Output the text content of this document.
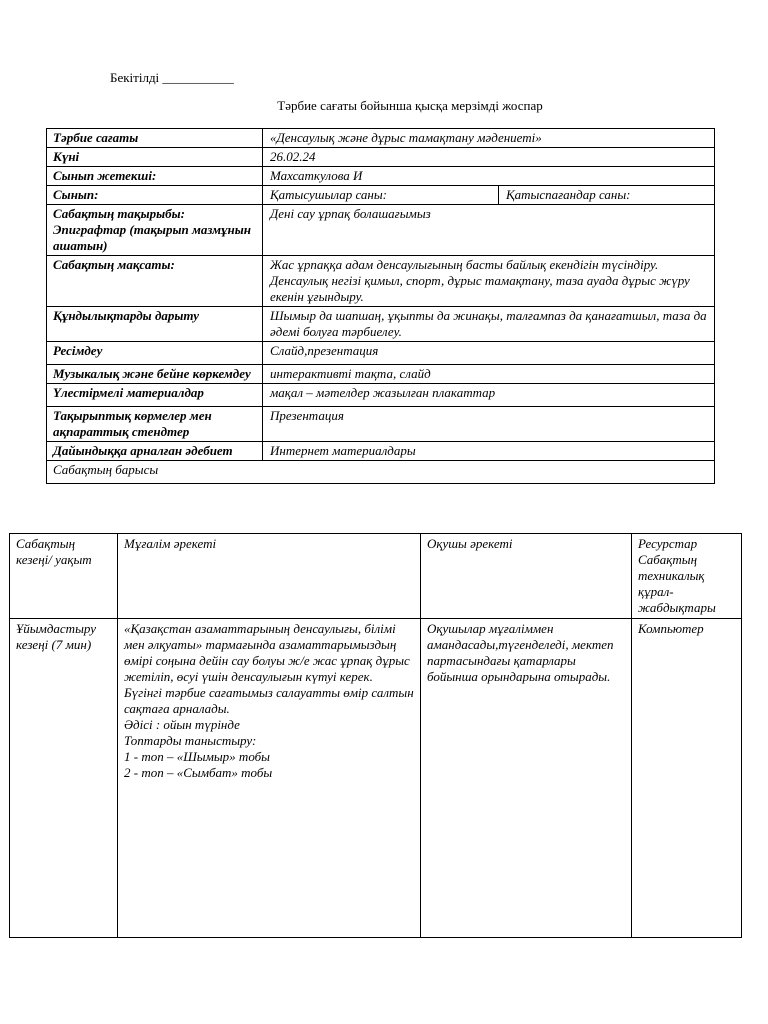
Бекітілді ___________
Тәрбие сағаты бойынша қысқа мерзімді жоспар
Тәрбие сағаты	«Денсаулық және дұрыс тамақтану мәдениеті»	
Күні	26.02.24	
Сынып жетекші:	Махсаткулова И	
Сынып:	Қатысушылар саны:	Қатыспағандар саны:
Сабақтың тақырыбы: Эпиграфтар (тақырып мазмұнын ашатын)	Дені сау ұрпақ болашағымыз	
Сабақтың мақсаты:	Жас ұрпаққа адам денсаулығының басты байлық екендігін түсіндіру. Денсаулық негізі қимыл, спорт, дұрыс тамақтану, таза ауада дұрыс жүру екенін ұғындыру.	
Құндылықтарды дарыту	Шымыр да шапшаң, ұқыпты да жинақы, талғампаз да қанағатшыл, таза да әдемі болуға тәрбиелеу.	
Ресімдеу	Слайд,презентация	
Музыкалық және бейне көркемдеу	интерактивті тақта, слайд	
Үлестірмелі материалдар	мақал – мәтелдер жазылған плакаттар	
Тақырыптық көрмелер мен ақпараттық стендтер	Презентация	
Дайындыққа арналған әдебиет	Интернет материалдары	
Сабақтың барысы		
Сабақтың кезеңі/ уақыт	Мұғалім әрекеті	Оқушы әрекеті	Ресурстар Сабақтың техникалық құрал-жабдықтары
Ұйымдастыру кезеңі (7 мин)	«Қазақстан азаматтарының денсаулығы, білімі мен әлқуаты» тармағында азаматтарымыздың өмірі соңына дейін сау болуы ж/е жас ұрпақ дұрыс жетіліп, өсуі үшін денсаулығын күтуі керек. Бүгінгі тәрбие сағатымыз салауатты өмір салтын сақтаға арналады.
Әдісі : ойын түрінде
Топтарды таныстыру:
1 - топ – «Шымыр» тобы
2 - топ – «Сымбат» тобы	Оқушылар мұғаліммен амандасады,түгенделеді, мектеп партасындағы қатарлары бойынша орындарына отырады.	Компьютер
